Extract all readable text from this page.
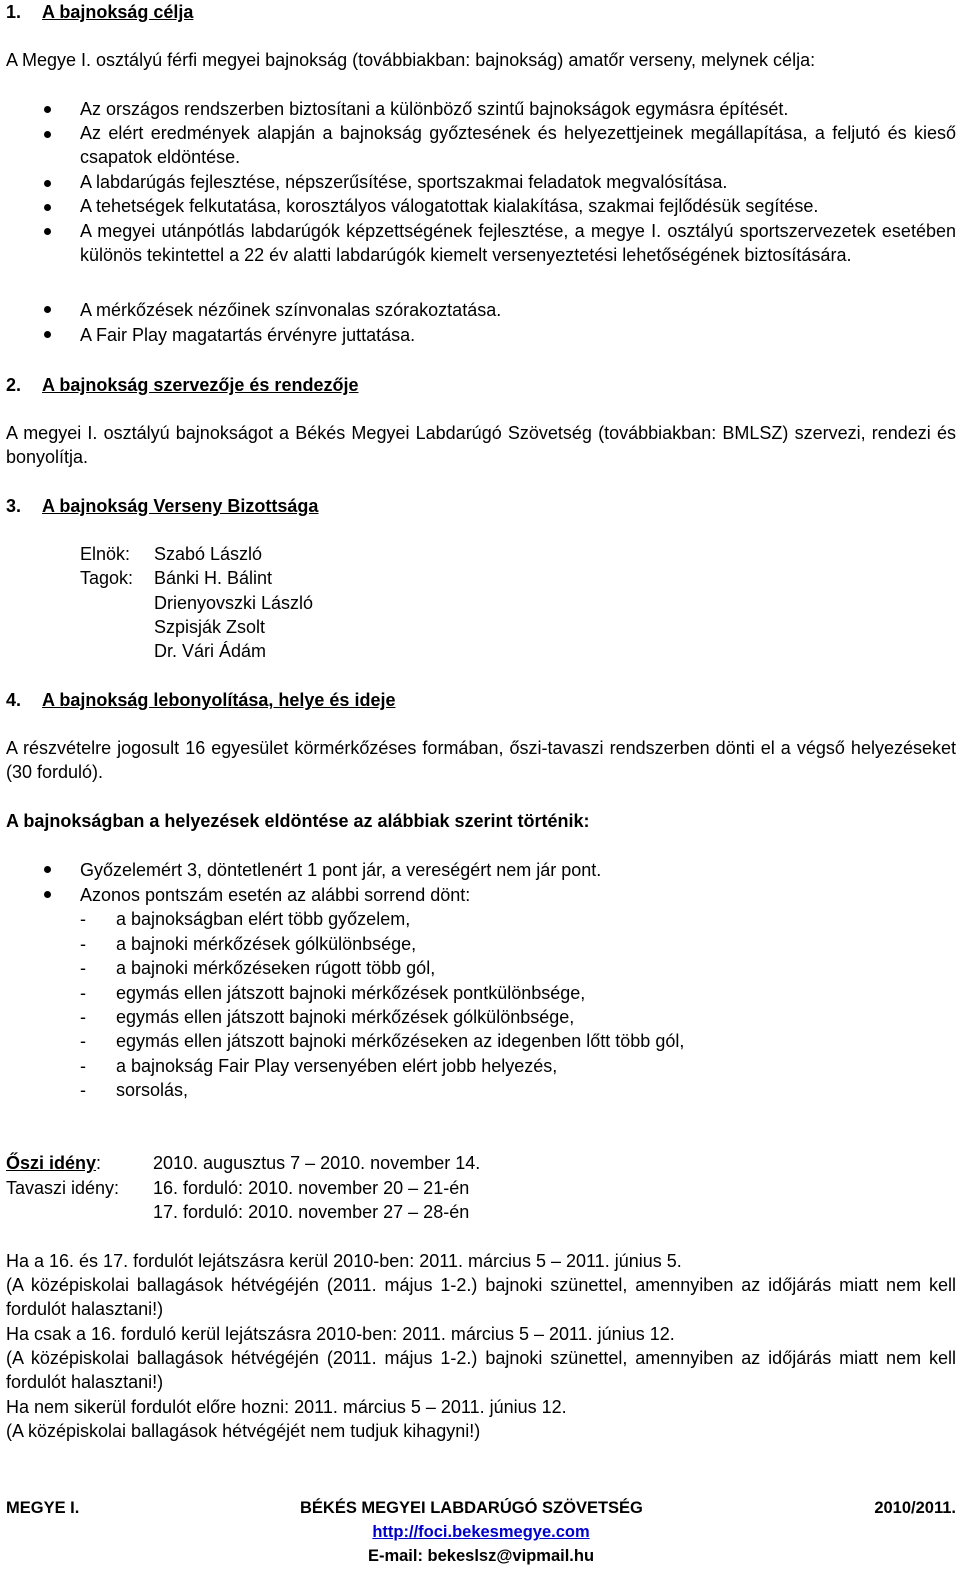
1. A bajnokság célja
A Megye I. osztályú férfi megyei bajnokság (továbbiakban: bajnokság) amatőr verseny, melynek célja:
Az országos rendszerben biztosítani a különböző szintű bajnokságok egymásra építését.
Az elért eredmények alapján a bajnokság győztesének és helyezettjeinek megállapítása, a feljutó és kieső csapatok eldöntése.
A labdarúgás fejlesztése, népszerűsítése, sportszakmai feladatok megvalósítása.
A tehetségek felkutatása, korosztályos válogatottak kialakítása, szakmai fejlődésük segítése.
A megyei utánpótlás labdarúgók képzettségének fejlesztése, a megye I. osztályú sportszervezetek esetében különös tekintettel a 22 év alatti labdarúgók kiemelt versenyeztetési lehetőségének biztosítására.
A mérkőzések nézőinek színvonalas szórakoztatása.
A Fair Play magatartás érvényre juttatása.
2. A bajnokság szervezője és rendezője
A megyei I. osztályú bajnokságot a Békés Megyei Labdarúgó Szövetség (továbbiakban: BMLSZ) szervezi, rendezi és bonyolítja.
3. A bajnokság Verseny Bizottsága
Elnök: Szabó László
Tagok: Bánki H. Bálint
Drienyovszki László
Szpisják Zsolt
Dr. Vári Ádám
4. A bajnokság lebonyolítása, helye és ideje
A részvételre jogosult 16 egyesület körmérkőzéses formában, őszi-tavaszi rendszerben dönti el a végső helyezéseket (30 forduló).
A bajnokságban a helyezések eldöntése az alábbiak szerint történik:
Győzelemért 3, döntetlenért 1 pont jár, a vereségért nem jár pont.
Azonos pontszám esetén az alábbi sorrend dönt:
- a bajnokságban elért több győzelem,
- a bajnoki mérkőzések gólkülönbsége,
- a bajnoki mérkőzéseken rúgott több gól,
- egymás ellen játszott bajnoki mérkőzések pontkülönbsége,
- egymás ellen játszott bajnoki mérkőzések gólkülönbsége,
- egymás ellen játszott bajnoki mérkőzéseken az idegenben lőtt több gól,
- a bajnokság Fair Play versenyében elért jobb helyezés,
- sorsolás,
Őszi idény:	2010. augusztus 7 – 2010. november 14.
Tavaszi idény: 16. forduló: 2010. november 20 – 21-én
17. forduló: 2010. november 27 – 28-én
Ha a 16. és 17. fordulót lejátszásra kerül 2010-ben: 2011. március 5 – 2011. június 5.
(A középiskolai ballagások hétvégéjén (2011. május 1-2.) bajnoki szünettel, amennyiben az időjárás miatt nem kell fordulót halasztani!)
Ha csak a 16. forduló kerül lejátszásra 2010-ben: 2011. március 5 – 2011. június 12.
(A középiskolai ballagások hétvégéjén (2011. május 1-2.) bajnoki szünettel, amennyiben az időjárás miatt nem kell fordulót halasztani!)
Ha nem sikerül fordulót előre hozni: 2011. március 5 – 2011. június 12.
(A középiskolai ballagások hétvégéjét nem tudjuk kihagyni!)
MEGYE I.	BÉKÉS MEGYEI LABDARÚGÓ SZÖVETSÉG	2010/2011.
http://foci.bekesmegye.com
E-mail: bekeslsz@vipmail.hu
